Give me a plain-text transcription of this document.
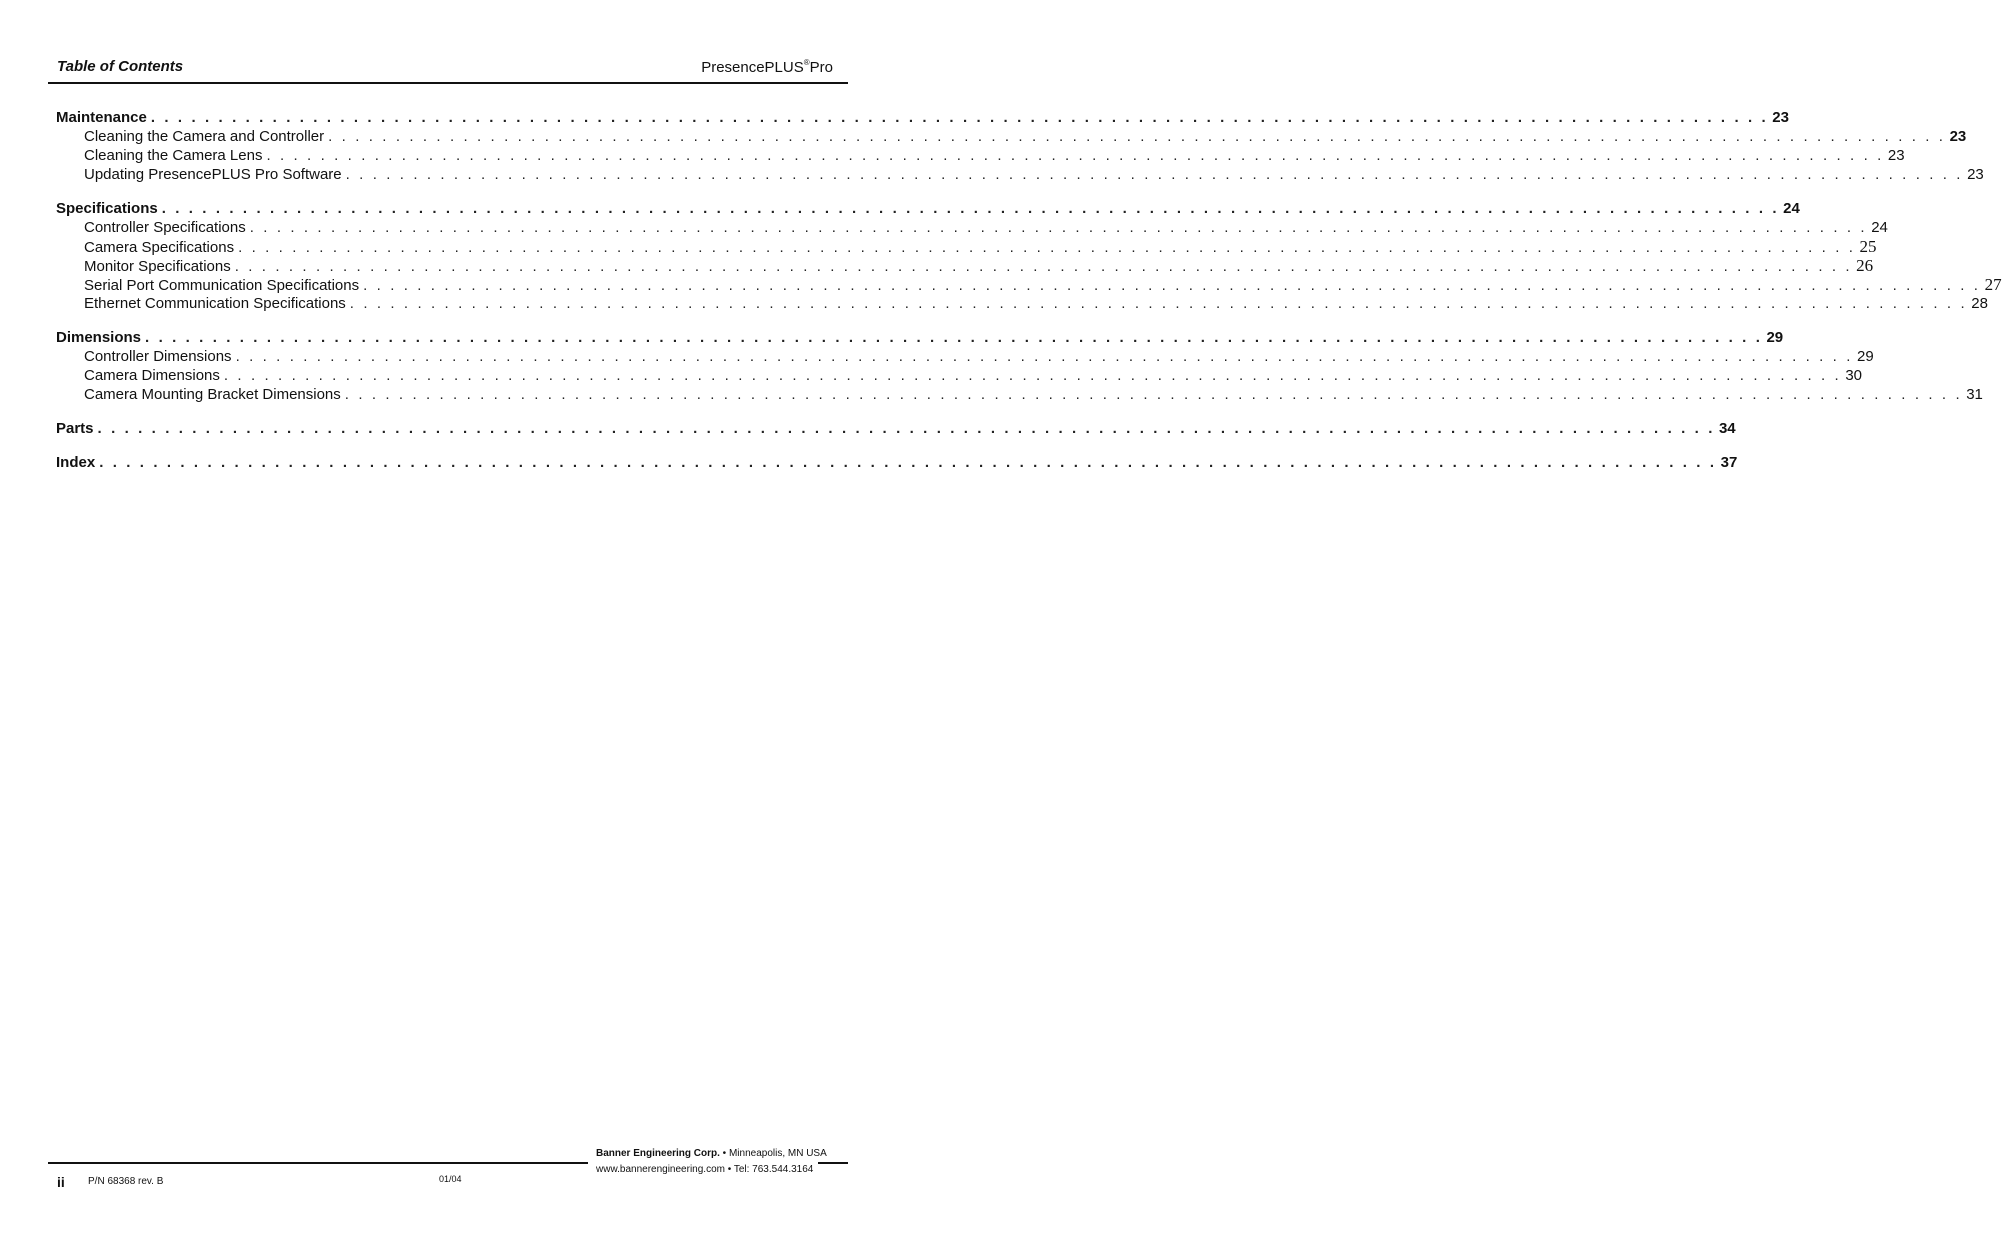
Table of Contents	PresencePLUS®Pro
Maintenance . . . . . . . . . . . . . . . . . . . . . . . . . . . . . . . . . . . . . . . . . . . . . . . . . . . . . . . . . . . . . . . . . . . . . . . . . . . . . . . . . . . . . . . . . . . . . . . . . . . . . . . . . . . . . . . . . . . . . . . . 23
Cleaning the Camera and Controller . . . . . . . . . . . . . . . . . . . . . . . . . . . . . . . . . . . . . . . . . . . . . . . . . . . . . . . . . . . . . . . . . . . . . . . . . . . . . . . . . . . . . . . . . . . . . . . . . . . . . . . . . . . . . . . . . . . . . . . . 23
Cleaning the Camera Lens . . . . . . . . . . . . . . . . . . . . . . . . . . . . . . . . . . . . . . . . . . . . . . . . . . . . . . . . . . . . . . . . . . . . . . . . . . . . . . . . . . . . . . . . . . . . . . . . . . . . . . . . . . . . . . . . . . . . . . . . 23
Updating PresencePLUS Pro Software . . . . . . . . . . . . . . . . . . . . . . . . . . . . . . . . . . . . . . . . . . . . . . . . . . . . . . . . . . . . . . . . . . . . . . . . . . . . . . . . . . . . . . . . . . . . . . . . . . . . . . . . . . . . . . . . . . . . . . . . 23
Specifications . . . . . . . . . . . . . . . . . . . . . . . . . . . . . . . . . . . . . . . . . . . . . . . . . . . . . . . . . . . . . . . . . . . . . . . . . . . . . . . . . . . . . . . . . . . . . . . . . . . . . . . . . . . . . . . . . . . . . . . . 24
Controller Specifications . . . . . . . . . . . . . . . . . . . . . . . . . . . . . . . . . . . . . . . . . . . . . . . . . . . . . . . . . . . . . . . . . . . . . . . . . . . . . . . . . . . . . . . . . . . . . . . . . . . . . . . . . . . . . . . . . . . . . . . . 24
Camera Specifications . . . . . . . . . . . . . . . . . . . . . . . . . . . . . . . . . . . . . . . . . . . . . . . . . . . . . . . . . . . . . . . . . . . . . . . . . . . . . . . . . . . . . . . . . . . . . . . . . . . . . . . . . . . . . . . . . . . . . . . . 25
Monitor Specifications . . . . . . . . . . . . . . . . . . . . . . . . . . . . . . . . . . . . . . . . . . . . . . . . . . . . . . . . . . . . . . . . . . . . . . . . . . . . . . . . . . . . . . . . . . . . . . . . . . . . . . . . . . . . . . . . . . . . . . . . 26
Serial Port Communication Specifications . . . . . . . . . . . . . . . . . . . . . . . . . . . . . . . . . . . . . . . . . . . . . . . . . . . . . . . . . . . . . . . . . . . . . . . . . . . . . . . . . . . . . . . . . . . . . . . . . . . . . . . . . . . . . . . . . . . . . . . . 27
Ethernet Communication Specifications . . . . . . . . . . . . . . . . . . . . . . . . . . . . . . . . . . . . . . . . . . . . . . . . . . . . . . . . . . . . . . . . . . . . . . . . . . . . . . . . . . . . . . . . . . . . . . . . . . . . . . . . . . . . . . . . . . . . . . . . 28
Dimensions . . . . . . . . . . . . . . . . . . . . . . . . . . . . . . . . . . . . . . . . . . . . . . . . . . . . . . . . . . . . . . . . . . . . . . . . . . . . . . . . . . . . . . . . . . . . . . . . . . . . . . . . . . . . . . . . . . . . . . . . 29
Controller Dimensions . . . . . . . . . . . . . . . . . . . . . . . . . . . . . . . . . . . . . . . . . . . . . . . . . . . . . . . . . . . . . . . . . . . . . . . . . . . . . . . . . . . . . . . . . . . . . . . . . . . . . . . . . . . . . . . . . . . . . . . . 29
Camera Dimensions . . . . . . . . . . . . . . . . . . . . . . . . . . . . . . . . . . . . . . . . . . . . . . . . . . . . . . . . . . . . . . . . . . . . . . . . . . . . . . . . . . . . . . . . . . . . . . . . . . . . . . . . . . . . . . . . . . . . . . . . 30
Camera Mounting Bracket Dimensions . . . . . . . . . . . . . . . . . . . . . . . . . . . . . . . . . . . . . . . . . . . . . . . . . . . . . . . . . . . . . . . . . . . . . . . . . . . . . . . . . . . . . . . . . . . . . . . . . . . . . . . . . . . . . . . . . . . . . . . . 31
Parts . . . . . . . . . . . . . . . . . . . . . . . . . . . . . . . . . . . . . . . . . . . . . . . . . . . . . . . . . . . . . . . . . . . . . . . . . . . . . . . . . . . . . . . . . . . . . . . . . . . . . . . . . . . . . . . . . . . . . . . . 34
Index . . . . . . . . . . . . . . . . . . . . . . . . . . . . . . . . . . . . . . . . . . . . . . . . . . . . . . . . . . . . . . . . . . . . . . . . . . . . . . . . . . . . . . . . . . . . . . . . . . . . . . . . . . . . . . . . . . . . . . . . 37
Banner Engineering Corp. • Minneapolis, MN USA
www.bannerengineering.com • Tel: 763.544.3164
ii P/N 68368 rev. B	01/04
